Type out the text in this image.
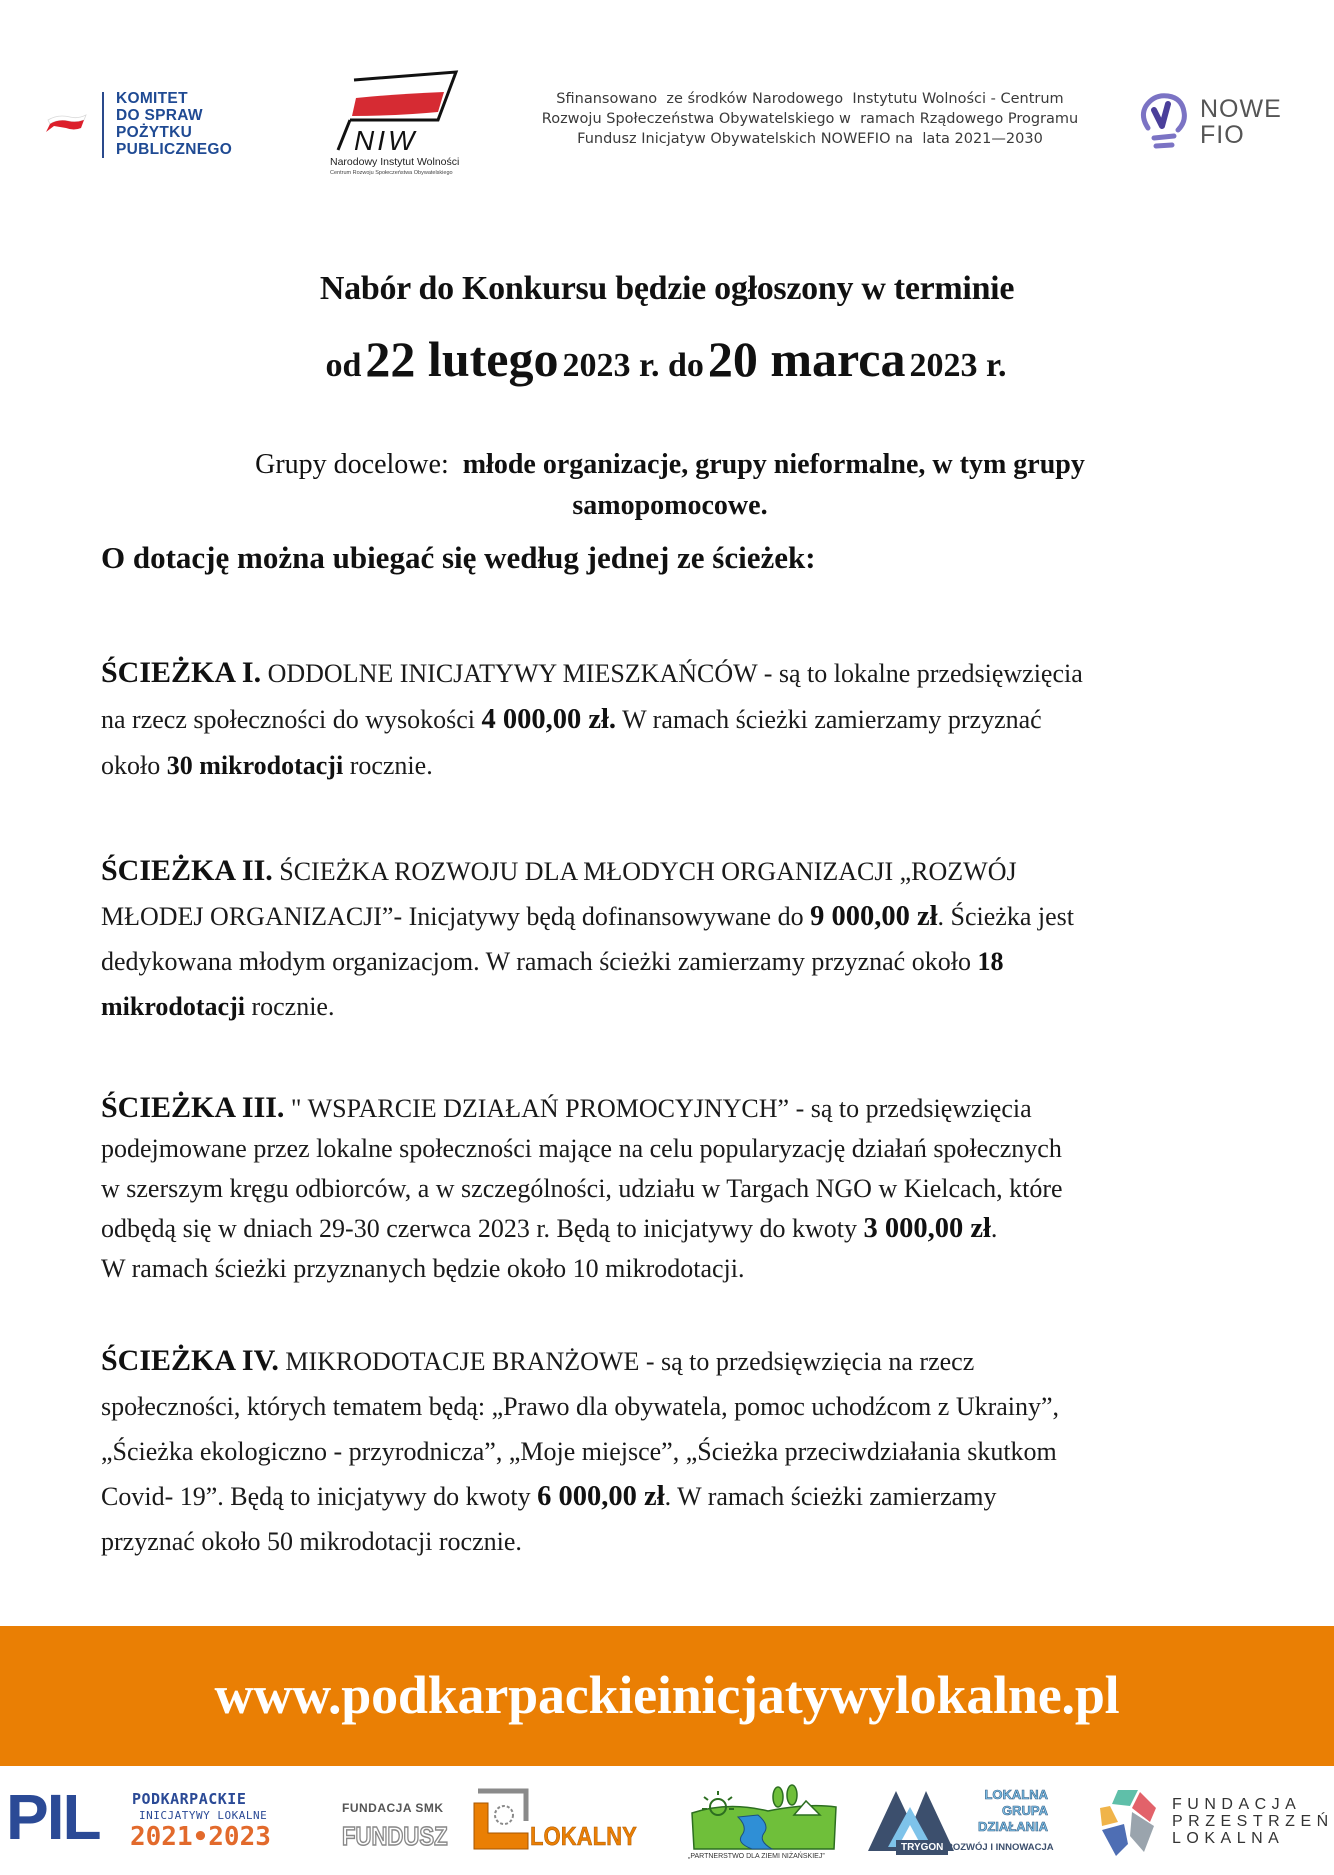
KOMITET
DO SPRAW
POŻYTKU
PUBLICZNEGO	NIW
Narodowy Instytut Wolności
Centrum Rozwoju Społeczeństwa Obywatelskiego
Sfinansowano  ze środków Narodowego  Instytutu Wolności - Centrum
Rozwoju Społeczeństwa Obywatelskiego w  ramach Rządowego Programu
Fundusz Inicjatyw Obywatelskich NOWEFIO na  lata 2021—2030
NOWE
FIO
Nabór do Konkursu będzie ogłoszony w terminie
od 22 lutego 2023 r. do 20 marca 2023 r.
Grupy docelowe: młode organizacje, grupy nieformalne, w tym grupy
samopomocowe.
O dotację można ubiegać się według jednej ze ścieżek:
ŚCIEŻKA I. ODDOLNE INICJATYWY MIESZKAŃCÓW - są to lokalne przedsięwzięcia
na rzecz społeczności do wysokości 4 000,00 zł. W ramach ścieżki zamierzamy przyznać
około 30 mikrodotacji rocznie.
ŚCIEŻKA II. ŚCIEŻKA ROZWOJU DLA MŁODYCH ORGANIZACJI „ROZWÓJ
MŁODEJ ORGANIZACJI”- Inicjatywy będą dofinansowywane do 9 000,00 zł. Ścieżka jest
dedykowana młodym organizacjom. W ramach ścieżki zamierzamy przyznać około 18
mikrodotacji rocznie.
ŚCIEŻKA III. " WSPARCIE DZIAŁAŃ PROMOCYJNYCH” - są to przedsięwzięcia
podejmowane przez lokalne społeczności mające na celu popularyzację działań społecznych
w szerszym kręgu odbiorców, a w szczególności, udziału w Targach NGO w Kielcach, które
odbędą się w dniach 29-30 czerwca 2023 r. Będą to inicjatywy do kwoty 3 000,00 zł.
W ramach ścieżki przyznanych będzie około 10 mikrodotacji.
ŚCIEŻKA IV. MIKRODOTACJE BRANŻOWE - są to przedsięwzięcia na rzecz
społeczności, których tematem będą: „Prawo dla obywatela, pomoc uchodźcom z Ukrainy”,
„Ścieżka ekologiczno - przyrodnicza”, „Moje miejsce”, „Ścieżka przeciwdziałania skutkom
Covid- 19”. Będą to inicjatywy do kwoty 6 000,00 zł. W ramach ścieżki zamierzamy
przyznać około 50 mikrodotacji rocznie.
www.podkarpackieinicjatywylokalne.pl
PIL PODKARPACKIE
INICJATYWY LOKALNE
2021•2023
FUNDACJA SMK
FUNDUSZ	LOKALNY
„PARTNERSTWO DLA ZIEMI NIŻAŃSKIEJ”
LOKALNA
GRUPA
DZIAŁANIA
TRYGON ROZWÓJ I INNOWACJA
FUNDACJA
PRZESTRZEŃ
LOKALNA
